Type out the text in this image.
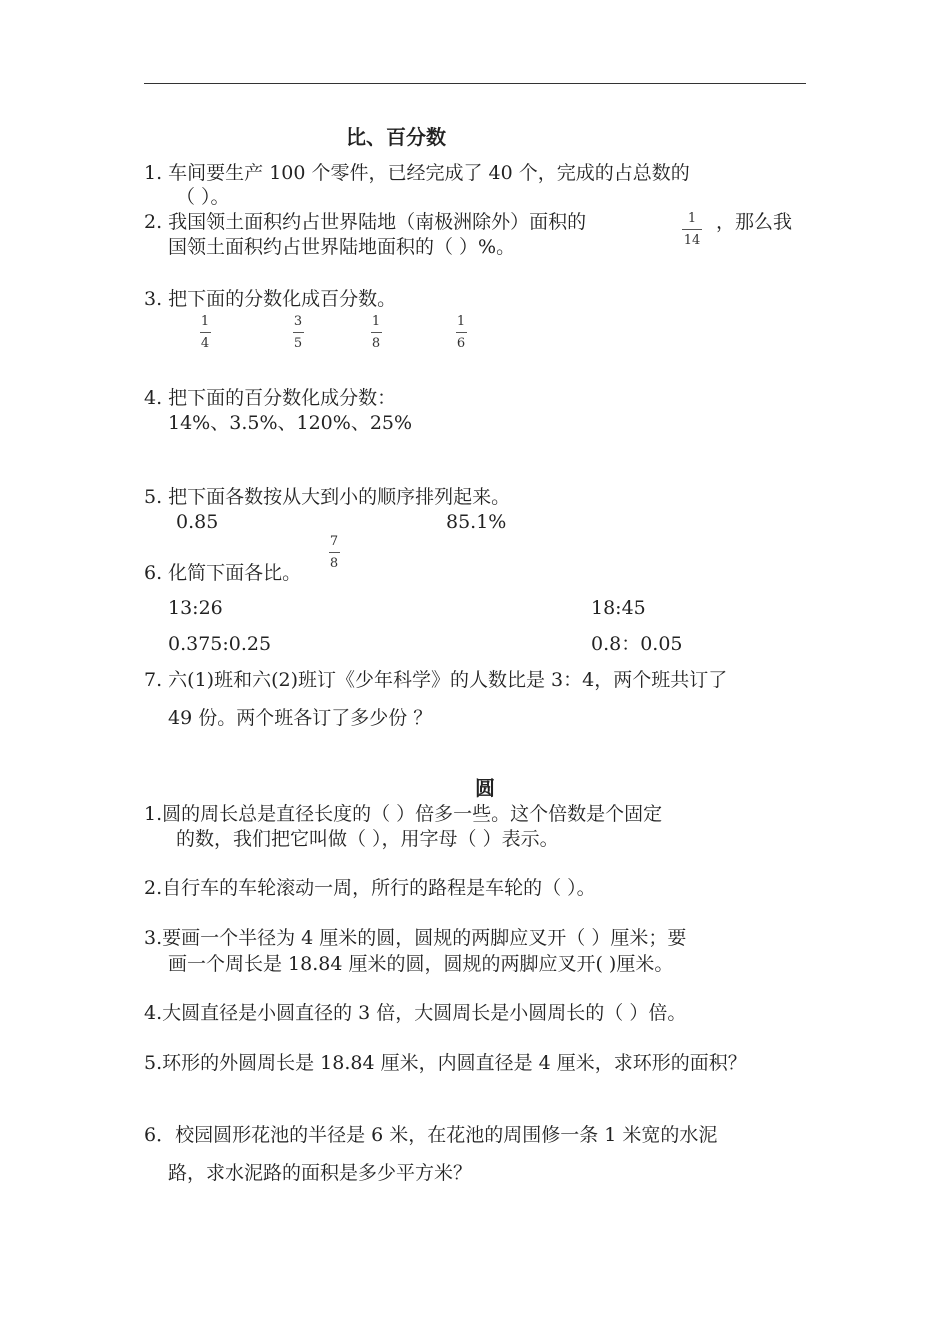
比、百分数
1. 车间要生产 100 个零件，已经完成了 40 个，完成的占总数的
（ ）。
2. 我国领土面积约占世界陆地（南极洲除外）面积的	1
14
，那么我
国领土面积约占世界陆地面积的（ ）%。
3. 把下面的分数化成百分数。
1
4
3
5
1
8
1
6
4. 把下面的百分数化成分数：
14%、3.5%、120%、25%
5. 把下面各数按从大到小的顺序排列起来。
0.85	85.1%
7
8
6. 化简下面各比。
13:26	18:45
0.375:0.25	0.8：0.05
7. 六(1)班和六(2)班订《少年科学》的人数比是 3：4，两个班共订了
49 份。两个班各订了多少份 ？
圆
1.圆的周长总是直径长度的（ ）倍多一些。这个倍数是个固定
的数，我们把它叫做（ ），用字母（ ）表示。
2.自行车的车轮滚动一周，所行的路程是车轮的（ ）。
3.要画一个半径为 4 厘米的圆，圆规的两脚应叉开（ ）厘米；要
画一个周长是 18.84 厘米的圆，圆规的两脚应叉开( )厘米。
4.大圆直径是小圆直径的 3 倍，大圆周长是小圆周长的（ ）倍。
5.环形的外圆周长是 18.84 厘米，内圆直径是 4 厘米，求环形的面积？
6．校园圆形花池的半径是 6 米，在花池的周围修一条 1 米宽的水泥
路，求水泥路的面积是多少平方米？
